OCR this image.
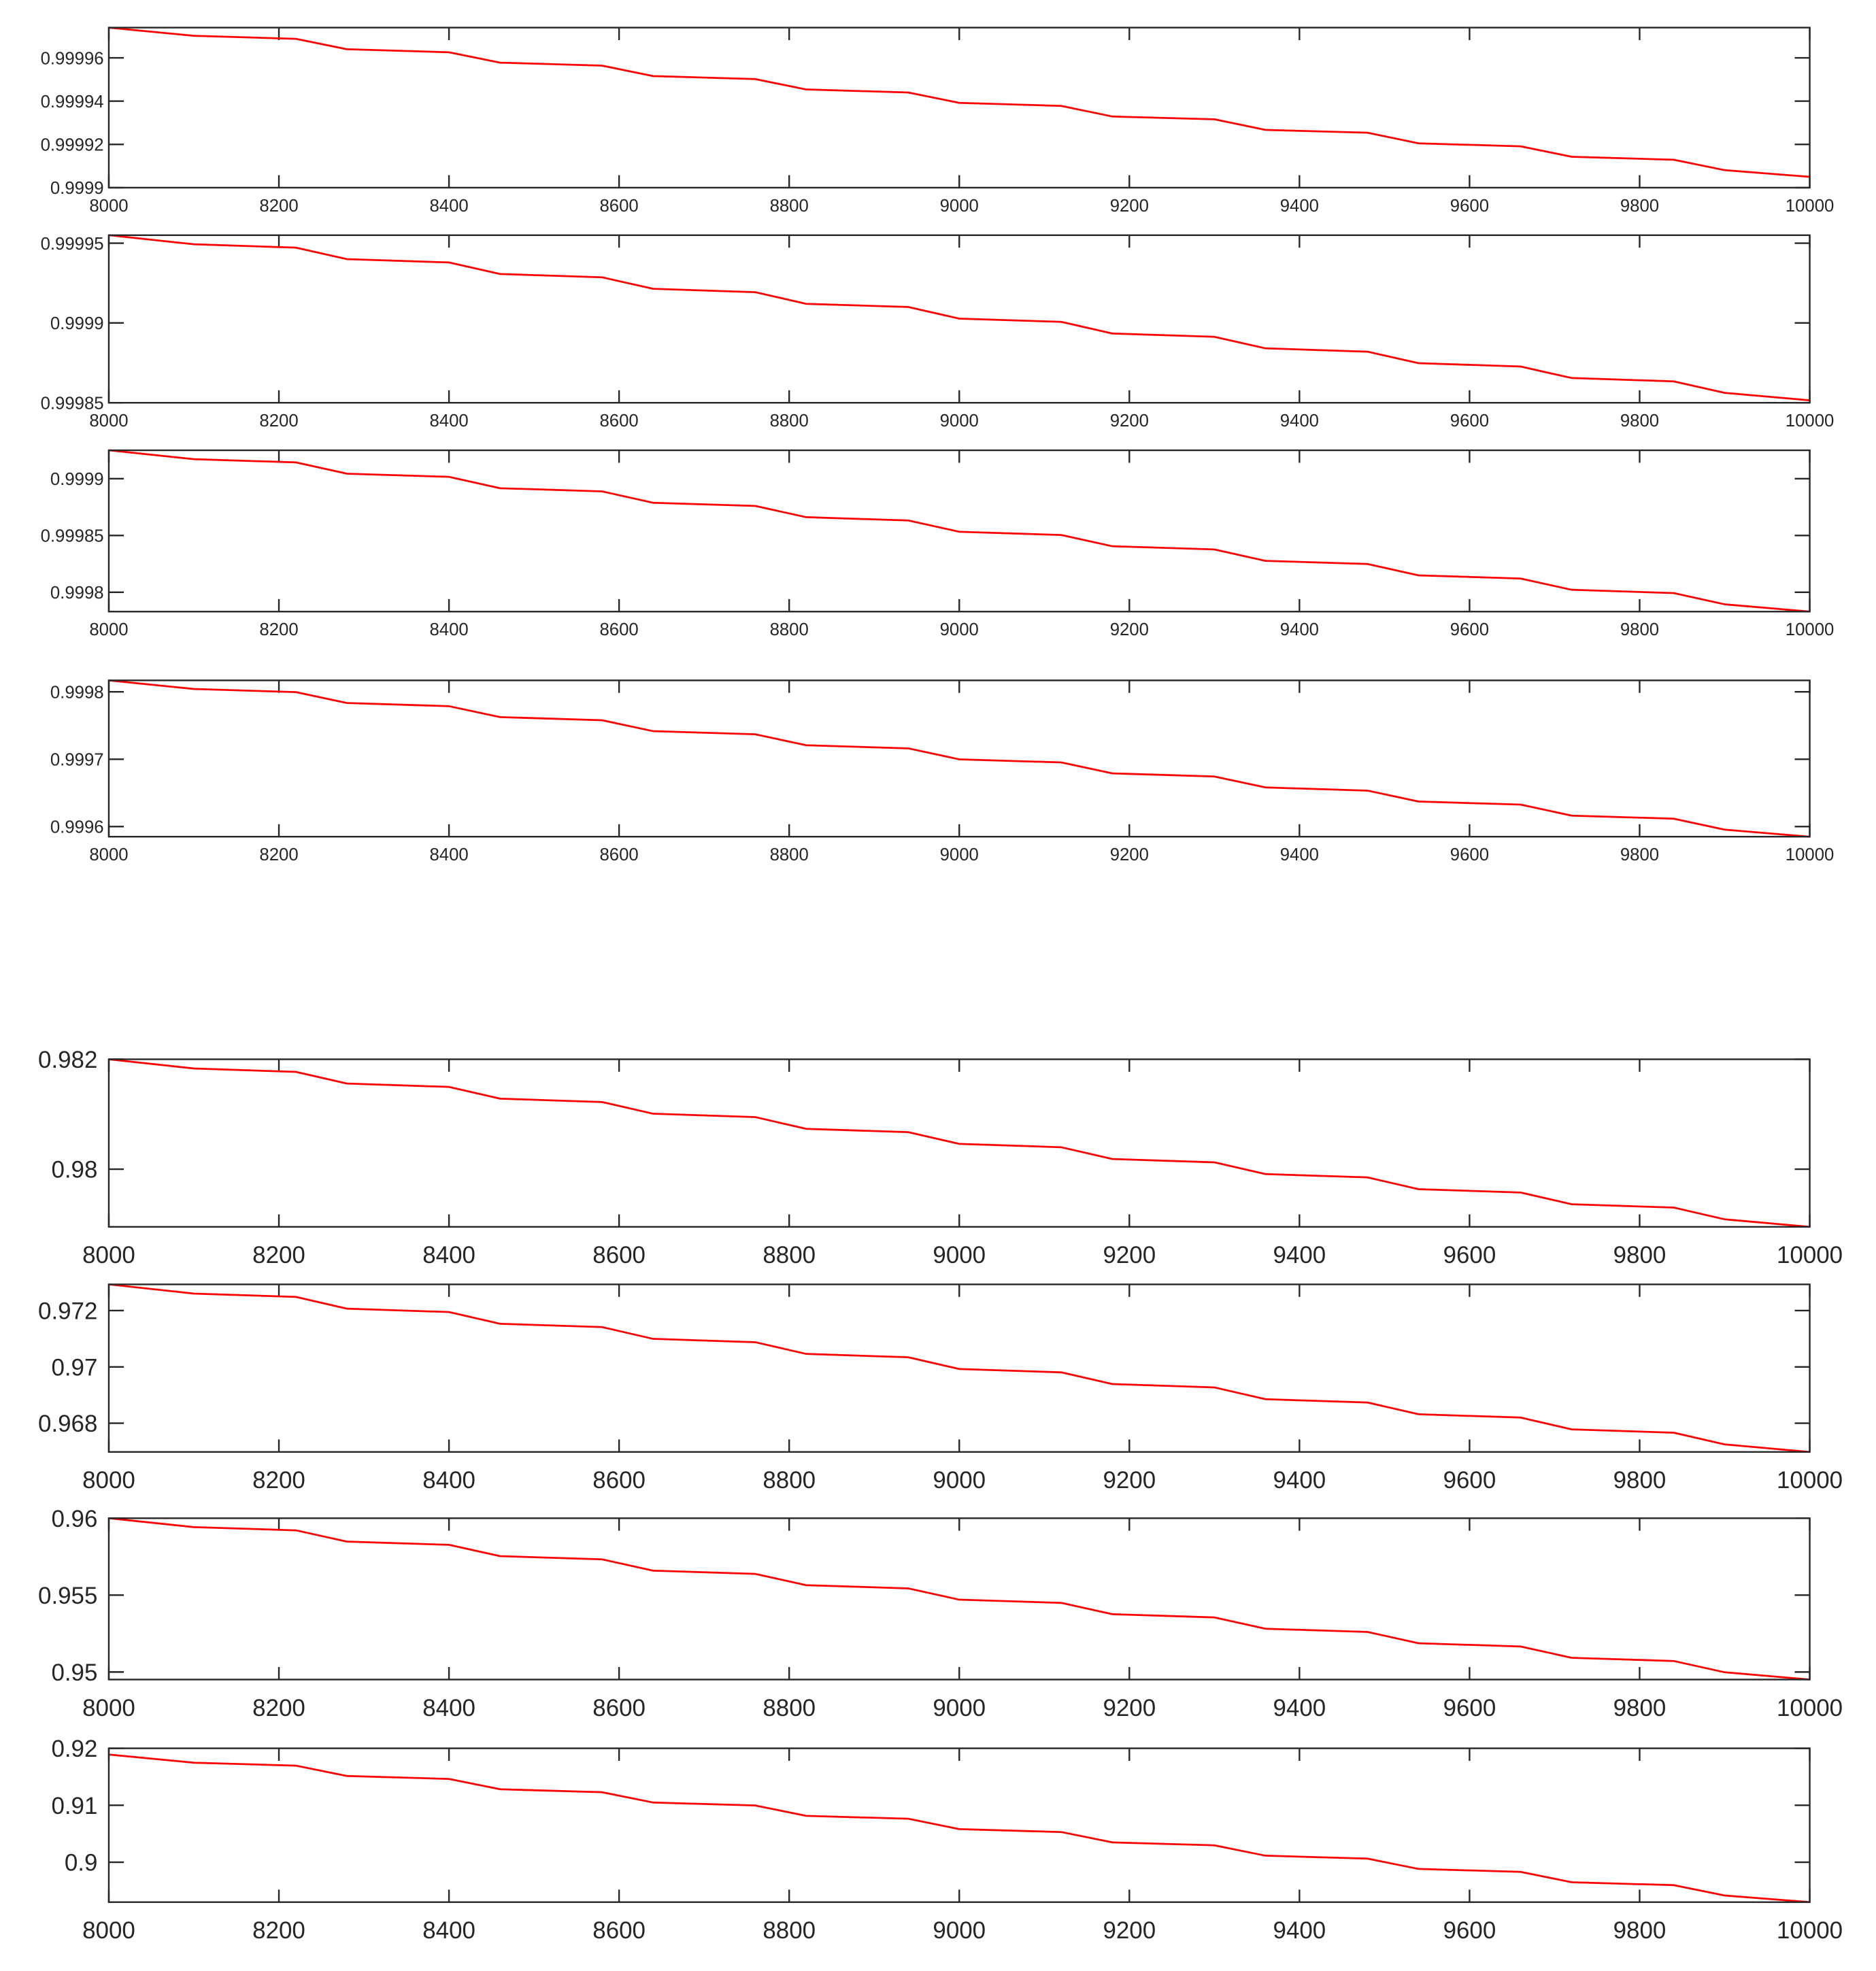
8000	8200	8400	8600	8800	9000	9200	9400	9600	9800	10000
0.99996
0.99994
0.99992
0.9999
8000	8200	8400	8600	8800	9000	9200	9400	9600	9800	10000
0.99995
0.9999
0.99985
8000	8200	8400	8600	8800	9000	9200	9400	9600	9800	10000
0.9999
0.99985
0.9998
8000	8200	8400	8600	8800	9000	9200	9400	9600	9800	10000
0.9998
0.9997
0.9996
8000	8200	8400	8600	8800	9000	9200	9400	9600	9800	10000
0.982
0.98
8000	8200	8400	8600	8800	9000	9200	9400	9600	9800	10000
0.972
0.97
0.968
8000	8200	8400	8600	8800	9000	9200	9400	9600	9800	10000
0.96
0.955
0.95
8000	8200	8400	8600	8800	9000	9200	9400	9600	9800	10000
0.92
0.91
0.9
